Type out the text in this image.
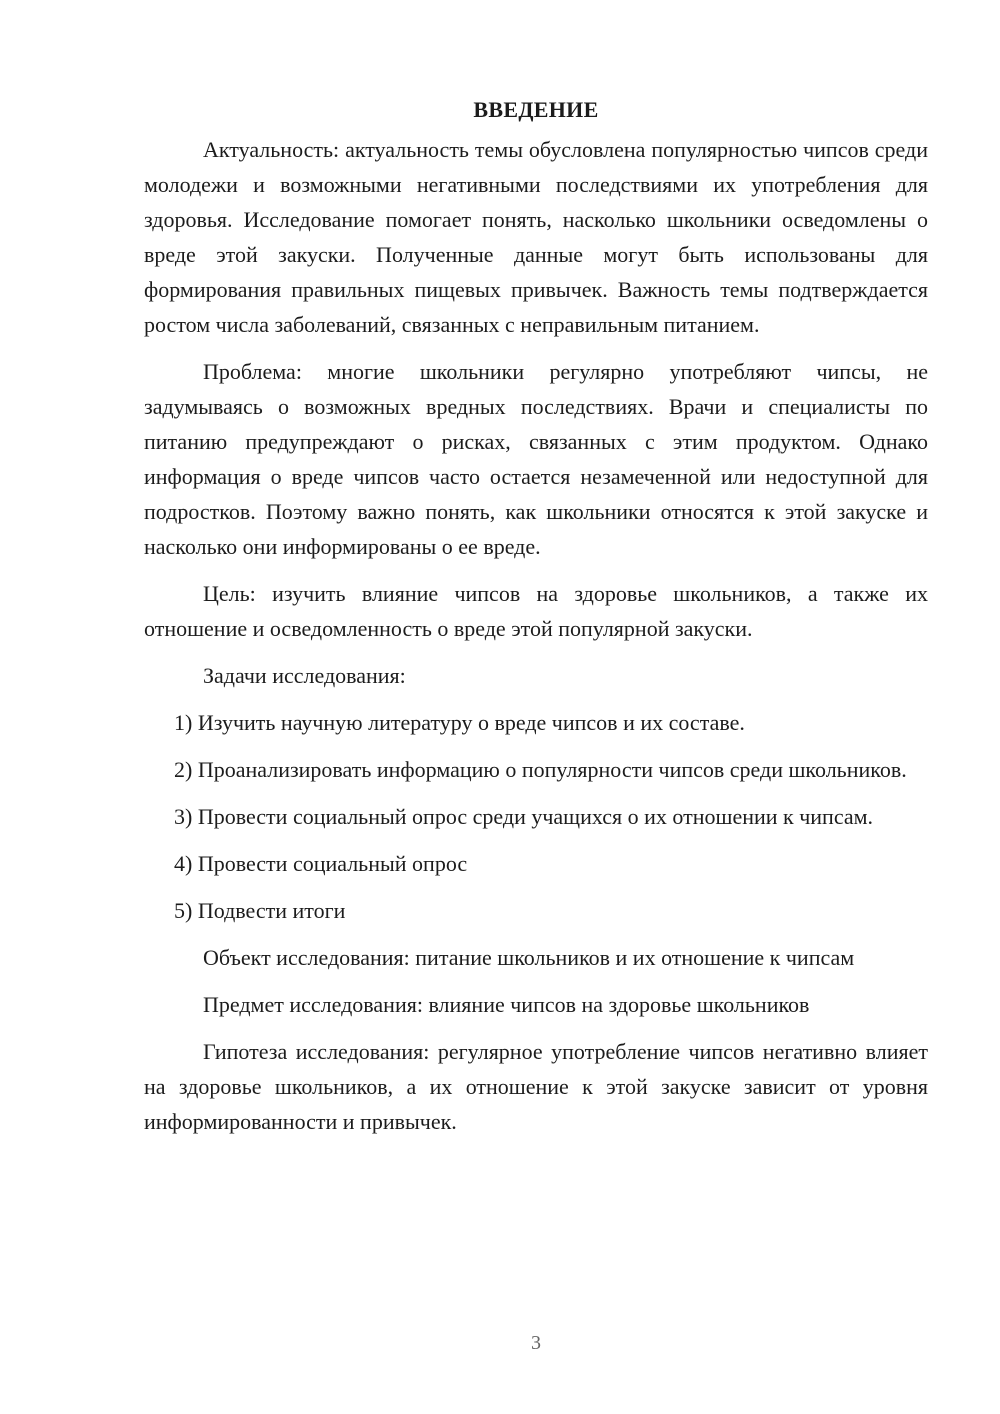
ВВЕДЕНИЕ

Актуальность: актуальность темы обусловлена популярностью чипсов среди молодежи и возможными негативными последствиями их употребления для здоровья. Исследование помогает понять, насколько школьники осведомлены о вреде этой закуски. Полученные данные могут быть использованы для формирования правильных пищевых привычек. Важность темы подтверждается ростом числа заболеваний, связанных с неправильным питанием.

Проблема: многие школьники регулярно употребляют чипсы, не задумываясь о возможных вредных последствиях. Врачи и специалисты по питанию предупреждают о рисках, связанных с этим продуктом. Однако информация о вреде чипсов часто остается незамеченной или недоступной для подростков. Поэтому важно понять, как школьники относятся к этой закуске и насколько они информированы о ее вреде.

Цель: изучить влияние чипсов на здоровье школьников, а также их отношение и осведомленность о вреде этой популярной закуски.

Задачи исследования:

1) Изучить научную литературу о вреде чипсов и их составе.

2) Проанализировать информацию о популярности чипсов среди школьников.

3) Провести социальный опрос среди учащихся о их отношении к чипсам.

4) Провести социальный опрос

5) Подвести итоги

Объект исследования: питание школьников и их отношение к чипсам

Предмет исследования: влияние чипсов на здоровье школьников

Гипотеза исследования: регулярное употребление чипсов негативно влияет на здоровье школьников, а их отношение к этой закуске зависит от уровня информированности и привычек.

3
